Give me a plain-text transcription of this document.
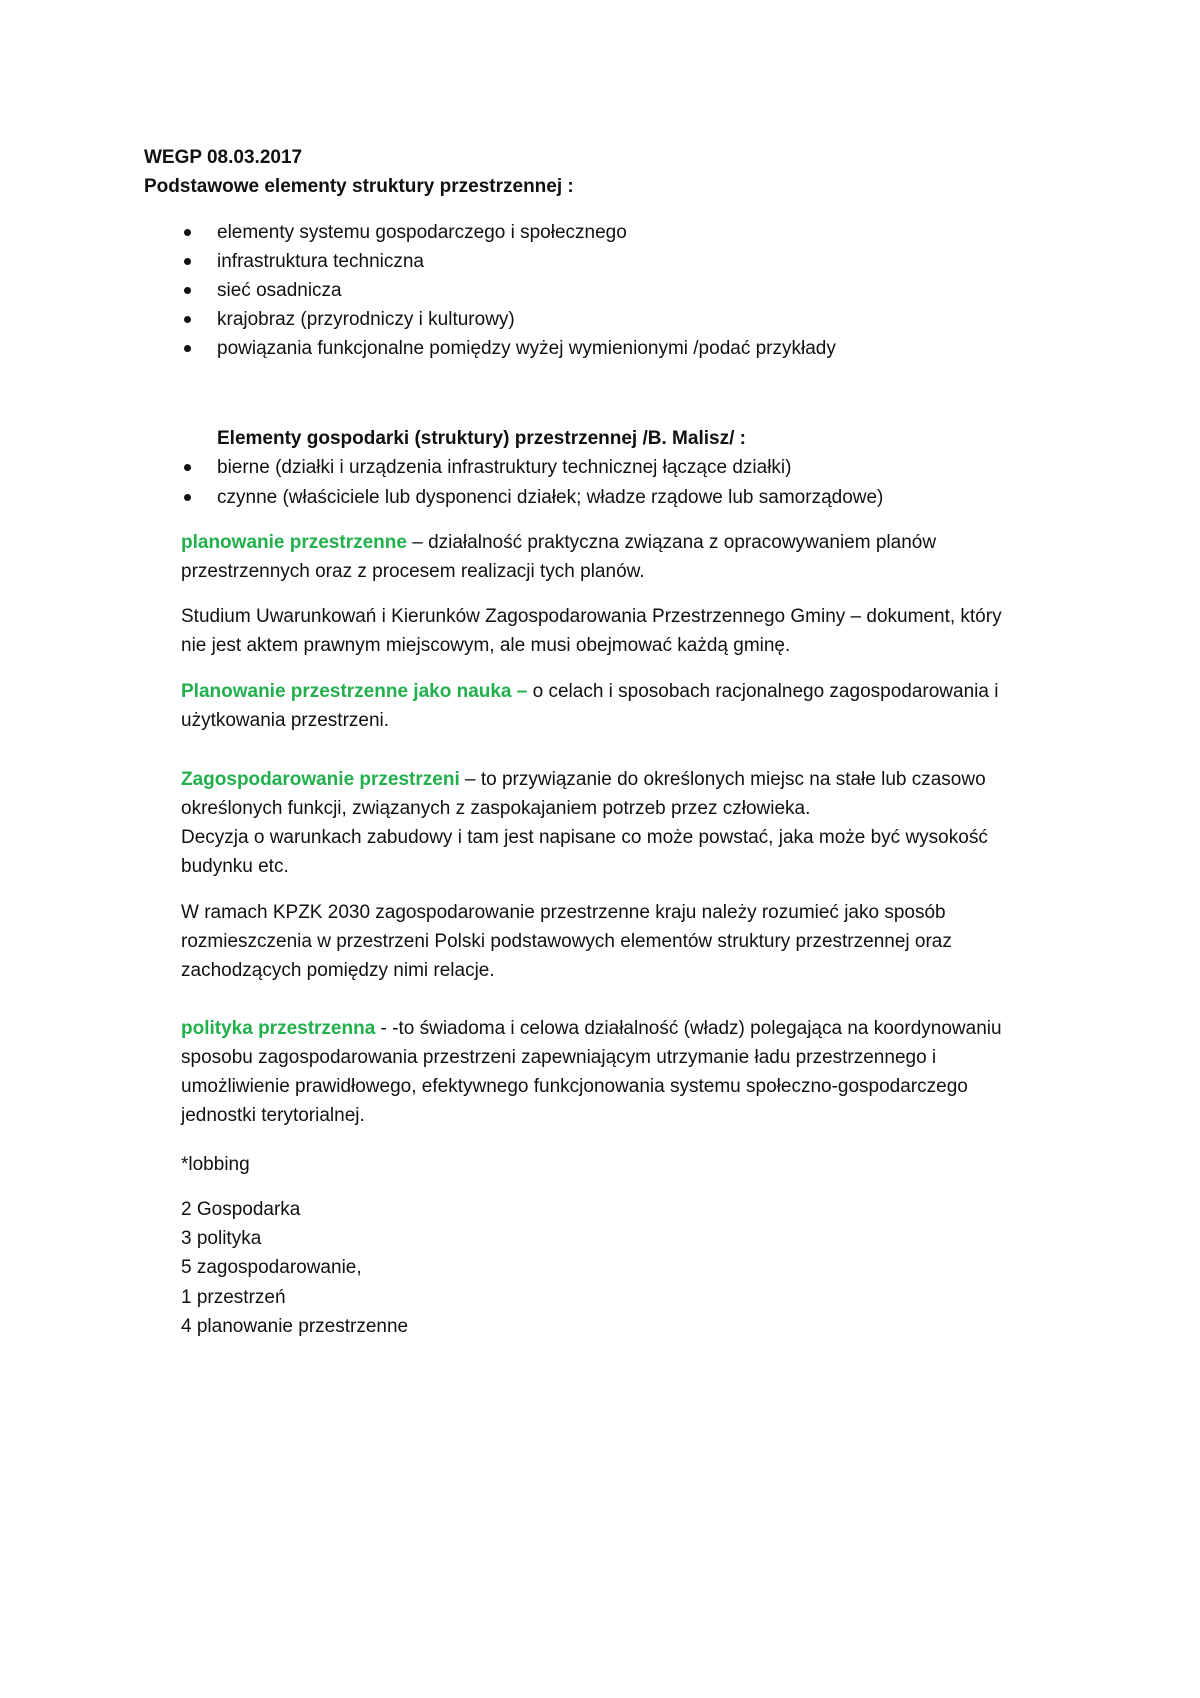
WEGP 08.03.2017
Podstawowe elementy struktury przestrzennej :
elementy systemu gospodarczego i społecznego
infrastruktura techniczna
sieć osadnicza
krajobraz (przyrodniczy i kulturowy)
powiązania funkcjonalne pomiędzy wyżej wymienionymi /podać przykłady
Elementy gospodarki (struktury) przestrzennej /B. Malisz/ :
bierne (działki i urządzenia infrastruktury technicznej łączące działki)
czynne (właściciele lub dysponenci działek; władze rządowe lub samorządowe)
planowanie przestrzenne – działalność praktyczna związana z opracowywaniem planów
przestrzennych oraz z procesem realizacji tych planów.
Studium Uwarunkowań i Kierunków Zagospodarowania Przestrzennego Gminy – dokument, który
nie jest aktem prawnym miejscowym, ale musi obejmować każdą gminę.
Planowanie przestrzenne jako nauka – o celach i sposobach racjonalnego zagospodarowania i
użytkowania przestrzeni.
Zagospodarowanie przestrzeni – to przywiązanie do określonych miejsc na stałe lub czasowo
określonych funkcji, związanych z zaspokajaniem potrzeb przez człowieka.
Decyzja o warunkach zabudowy i tam jest napisane co może powstać, jaka może być wysokość
budynku etc.
W ramach KPZK 2030 zagospodarowanie przestrzenne kraju należy rozumieć jako sposób
rozmieszczenia w przestrzeni Polski podstawowych elementów struktury przestrzennej oraz
zachodzących pomiędzy nimi relacje.
polityka przestrzenna - -to świadoma i celowa działalność (władz) polegająca na koordynowaniu
sposobu zagospodarowania przestrzeni zapewniającym utrzymanie ładu przestrzennego i
umożliwienie prawidłowego, efektywnego funkcjonowania systemu społeczno-gospodarczego
jednostki terytorialnej.
*lobbing
2 Gospodarka
3 polityka
5 zagospodarowanie,
1 przestrzeń
4 planowanie przestrzenne
